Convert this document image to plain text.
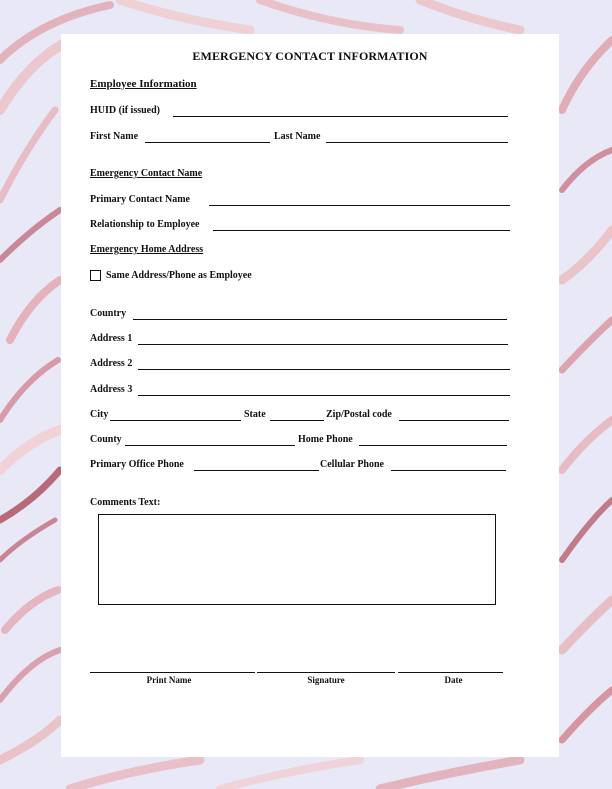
EMERGENCY CONTACT INFORMATION
Employee Information
HUID (if issued)
First Name	Last Name
Emergency Contact Name
Primary Contact Name
Relationship to Employee
Emergency Home Address
Same Address/Phone as Employee
Country
Address 1
Address 2
Address 3
City	State	Zip/Postal code
County	Home Phone
Primary Office Phone	Cellular Phone
Comments Text:
Print Name	Signature	Date
